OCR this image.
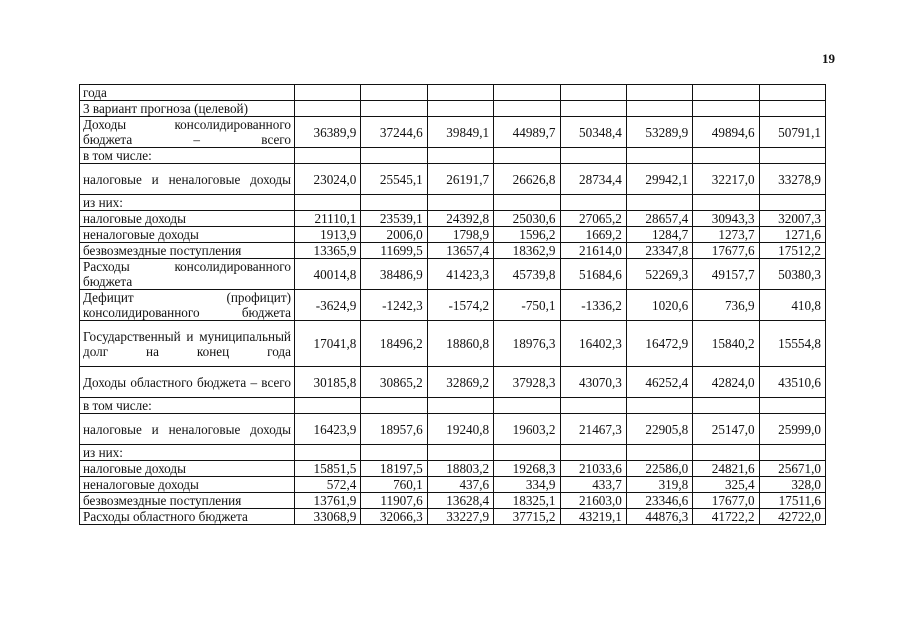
19
года								
3 вариант прогноза (целевой)								
Доходы консолидированного бюджета – всего	36389,9	37244,6	39849,1	44989,7	50348,4	53289,9	49894,6	50791,1
в том числе:								
налоговые и неналоговые доходы	23024,0	25545,1	26191,7	26626,8	28734,4	29942,1	32217,0	33278,9
из них:								
налоговые доходы	21110,1	23539,1	24392,8	25030,6	27065,2	28657,4	30943,3	32007,3
неналоговые доходы	1913,9	2006,0	1798,9	1596,2	1669,2	1284,7	1273,7	1271,6
безвозмездные поступления	13365,9	11699,5	13657,4	18362,9	21614,0	23347,8	17677,6	17512,2
Расходы консолидированного бюджета	40014,8	38486,9	41423,3	45739,8	51684,6	52269,3	49157,7	50380,3
Дефицит (профицит) консолидированного бюджета	-3624,9	-1242,3	-1574,2	-750,1	-1336,2	1020,6	736,9	410,8
Государственный и муниципальный долг на конец года	17041,8	18496,2	18860,8	18976,3	16402,3	16472,9	15840,2	15554,8
Доходы областного бюджета – всего	30185,8	30865,2	32869,2	37928,3	43070,3	46252,4	42824,0	43510,6
в том числе:								
налоговые и неналоговые доходы	16423,9	18957,6	19240,8	19603,2	21467,3	22905,8	25147,0	25999,0
из них:								
налоговые доходы	15851,5	18197,5	18803,2	19268,3	21033,6	22586,0	24821,6	25671,0
неналоговые доходы	572,4	760,1	437,6	334,9	433,7	319,8	325,4	328,0
безвозмездные поступления	13761,9	11907,6	13628,4	18325,1	21603,0	23346,6	17677,0	17511,6
Расходы областного бюджета	33068,9	32066,3	33227,9	37715,2	43219,1	44876,3	41722,2	42722,0
